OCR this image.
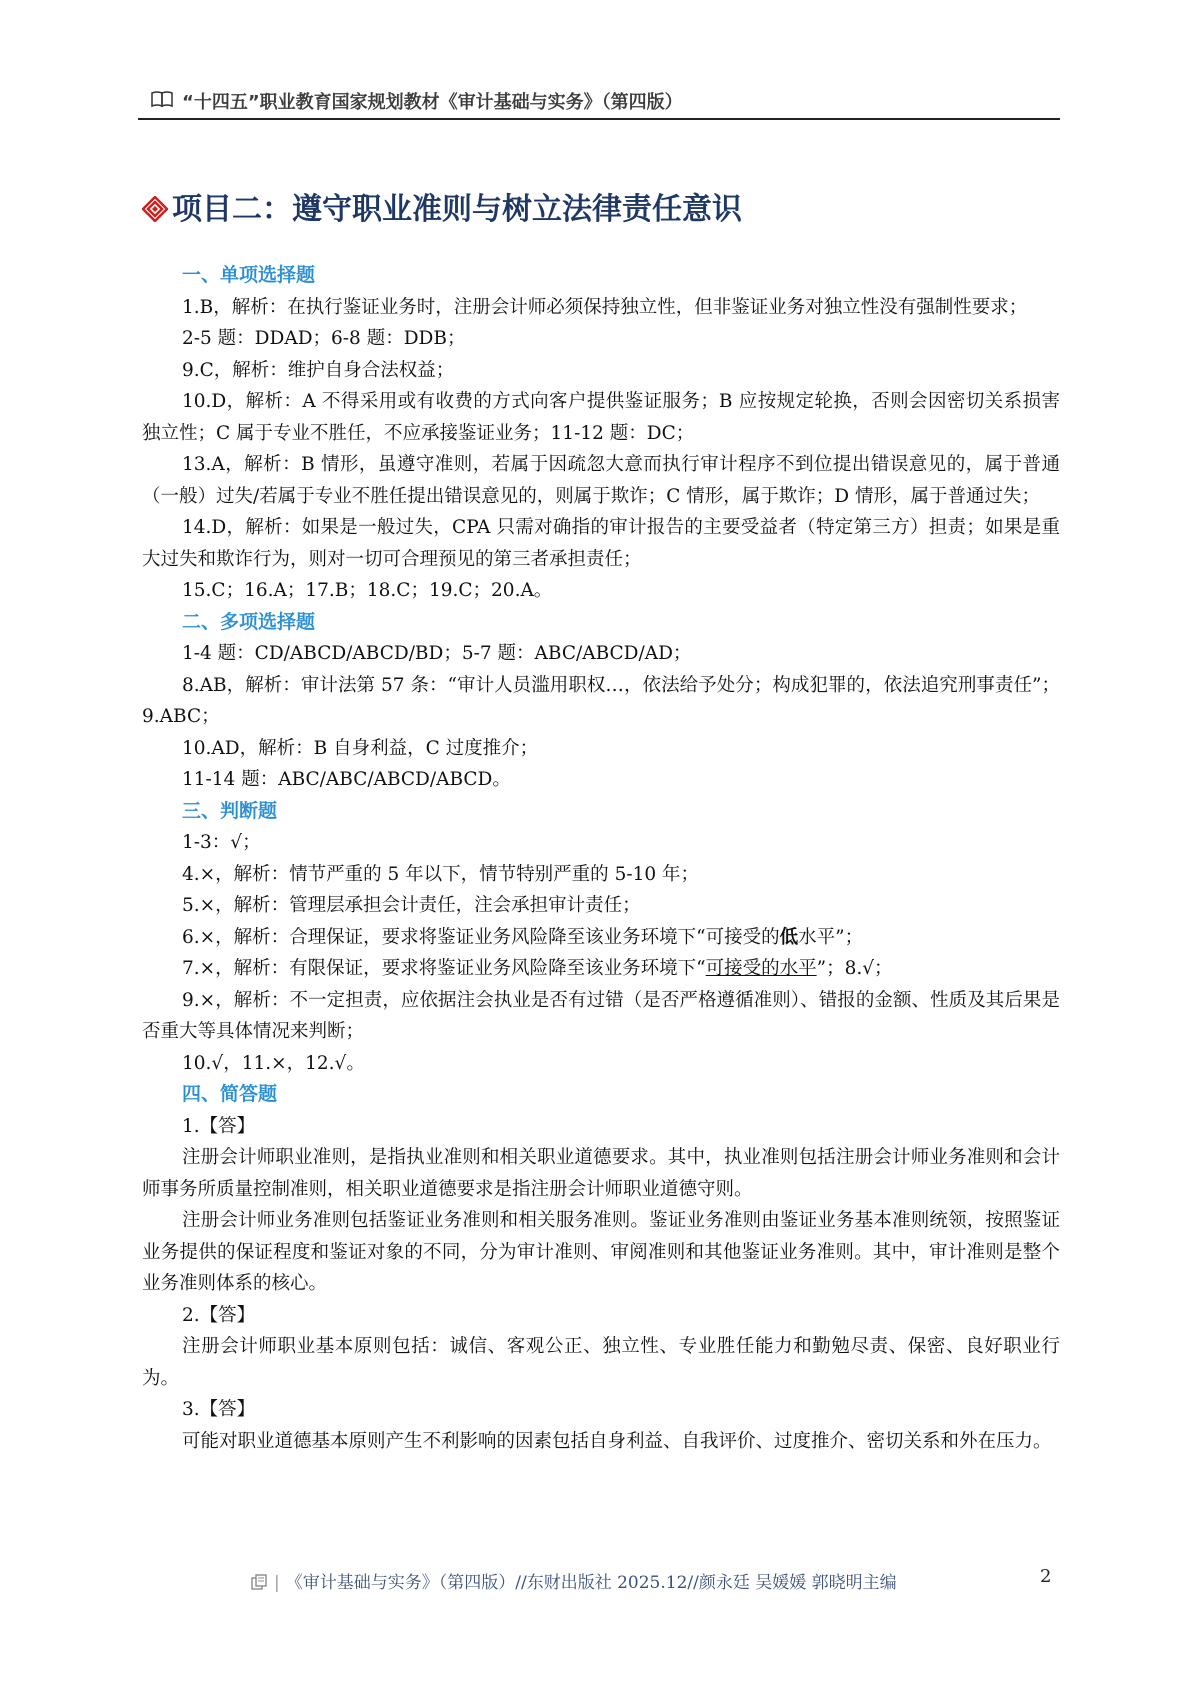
“十四五”职业教育国家规划教材《审计基础与实务》（第四版）
项目二：遵守职业准则与树立法律责任意识
一、单项选择题

1.B，解析：在执行鉴证业务时，注册会计师必须保持独立性，但非鉴证业务对独立性没有强制性要求；

2-5 题：DDAD；6-8 题：DDB；

9.C，解析：维护自身合法权益；

10.D，解析：A 不得采用或有收费的方式向客户提供鉴证服务；B 应按规定轮换，否则会因密切关系损害独立性；C 属于专业不胜任，不应承接鉴证业务；11-12 题：DC；

13.A，解析：B 情形，虽遵守准则，若属于因疏忽大意而执行审计程序不到位提出错误意见的，属于普通（一般）过失/若属于专业不胜任提出错误意见的，则属于欺诈；C 情形，属于欺诈；D 情形，属于普通过失；

14.D，解析：如果是一般过失，CPA 只需对确指的审计报告的主要受益者（特定第三方）担责；如果是重大过失和欺诈行为，则对一切可合理预见的第三者承担责任；

15.C；16.A；17.B；18.C；19.C；20.A。

二、多项选择题

1-4 题：CD/ABCD/ABCD/BD；5-7 题：ABC/ABCD/AD；

8.AB，解析：审计法第 57 条：“审计人员滥用职权…，依法给予处分；构成犯罪的，依法追究刑事责任”；9.ABC；

10.AD，解析：B 自身利益，C 过度推介；

11-14 题：ABC/ABC/ABCD/ABCD。

三、判断题

1-3：√；

4.×，解析：情节严重的 5 年以下，情节特别严重的 5-10 年；

5.×，解析：管理层承担会计责任，注会承担审计责任；

6.×，解析：合理保证，要求将鉴证业务风险降至该业务环境下“可接受的低水平”；

7.×，解析：有限保证，要求将鉴证业务风险降至该业务环境下“可接受的水平”；8.√；

9.×，解析：不一定担责，应依据注会执业是否有过错（是否严格遵循准则）、错报的金额、性质及其后果是否重大等具体情况来判断；

10.√，11.×，12.√。

四、简答题
1.【答】

注册会计师职业准则，是指执业准则和相关职业道德要求。其中，执业准则包括注册会计师业务准则和会计师事务所质量控制准则，相关职业道德要求是指注册会计师职业道德守则。

注册会计师业务准则包括鉴证业务准则和相关服务准则。鉴证业务准则由鉴证业务基本准则统领，按照鉴证业务提供的保证程度和鉴证对象的不同，分为审计准则、审阅准则和其他鉴证业务准则。其中，审计准则是整个业务准则体系的核心。

2.【答】

注册会计师职业基本原则包括：诚信、客观公正、独立性、专业胜任能力和勤勉尽责、保密、良好职业行为。

3.【答】

可能对职业道德基本原则产生不利影响的因素包括自身利益、自我评价、过度推介、密切关系和外在压力。

| 《审计基础与实务》（第四版）//东财出版社 2025.12//颜永廷 吴媛媛 郭晓明主编	2
